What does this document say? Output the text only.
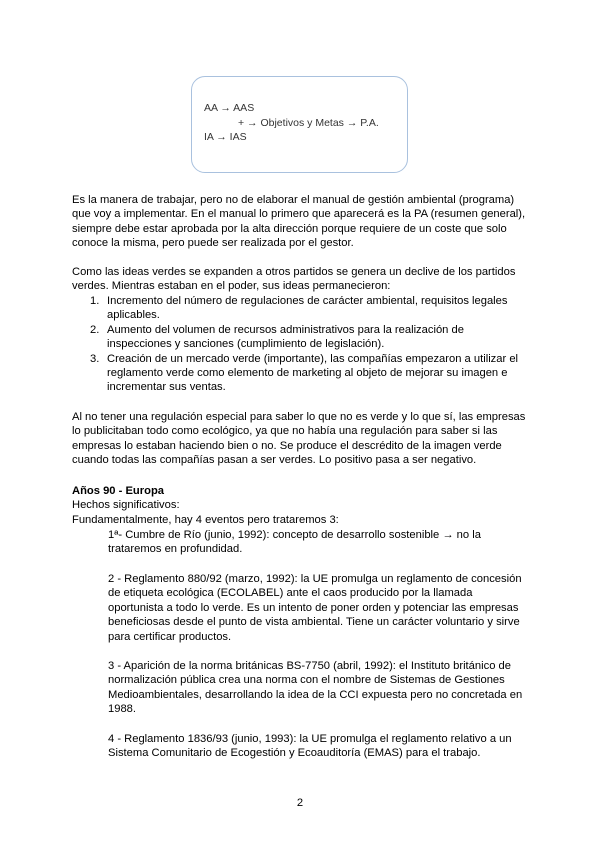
AA → AAS
+ → Objetivos y Metas → P.A.
IA → IAS
Es la manera de trabajar, pero no de elaborar el manual de gestión ambiental (programa)
que voy a implementar. En el manual lo primero que aparecerá es la PA (resumen general),
siempre debe estar aprobada por la alta dirección porque requiere de un coste que solo
conoce la misma, pero puede ser realizada por el gestor.
Como las ideas verdes se expanden a otros partidos se genera un declive de los partidos
verdes. Mientras estaban en el poder, sus ideas permanecieron:
1. Incremento del número de regulaciones de carácter ambiental, requisitos legales
aplicables.
2. Aumento del volumen de recursos administrativos para la realización de
inspecciones y sanciones (cumplimiento de legislación).
3. Creación de un mercado verde (importante), las compañías empezaron a utilizar el
reglamento verde como elemento de marketing al objeto de mejorar su imagen e
incrementar sus ventas.
Al no tener una regulación especial para saber lo que no es verde y lo que sí, las empresas
lo publicitaban todo como ecológico, ya que no había una regulación para saber si las
empresas lo estaban haciendo bien o no. Se produce el descrédito de la imagen verde
cuando todas las compañías pasan a ser verdes. Lo positivo pasa a ser negativo.
Años 90 - Europa
Hechos significativos:
Fundamentalmente, hay 4 eventos pero trataremos 3:
1ª- Cumbre de Río (junio, 1992): concepto de desarrollo sostenible → no la
trataremos en profundidad.
2 - Reglamento 880/92 (marzo, 1992): la UE promulga un reglamento de concesión
de etiqueta ecológica (ECOLABEL) ante el caos producido por la llamada
oportunista a todo lo verde. Es un intento de poner orden y potenciar las empresas
beneficiosas desde el punto de vista ambiental. Tiene un carácter voluntario y sirve
para certificar productos.
3 - Aparición de la norma británicas BS-7750 (abril, 1992): el Instituto británico de
normalización pública crea una norma con el nombre de Sistemas de Gestiones
Medioambientales, desarrollando la idea de la CCI expuesta pero no concretada en
1988.
4 - Reglamento 1836/93 (junio, 1993): la UE promulga el reglamento relativo a un
Sistema Comunitario de Ecogestión y Ecoauditoría (EMAS) para el trabajo.
2
